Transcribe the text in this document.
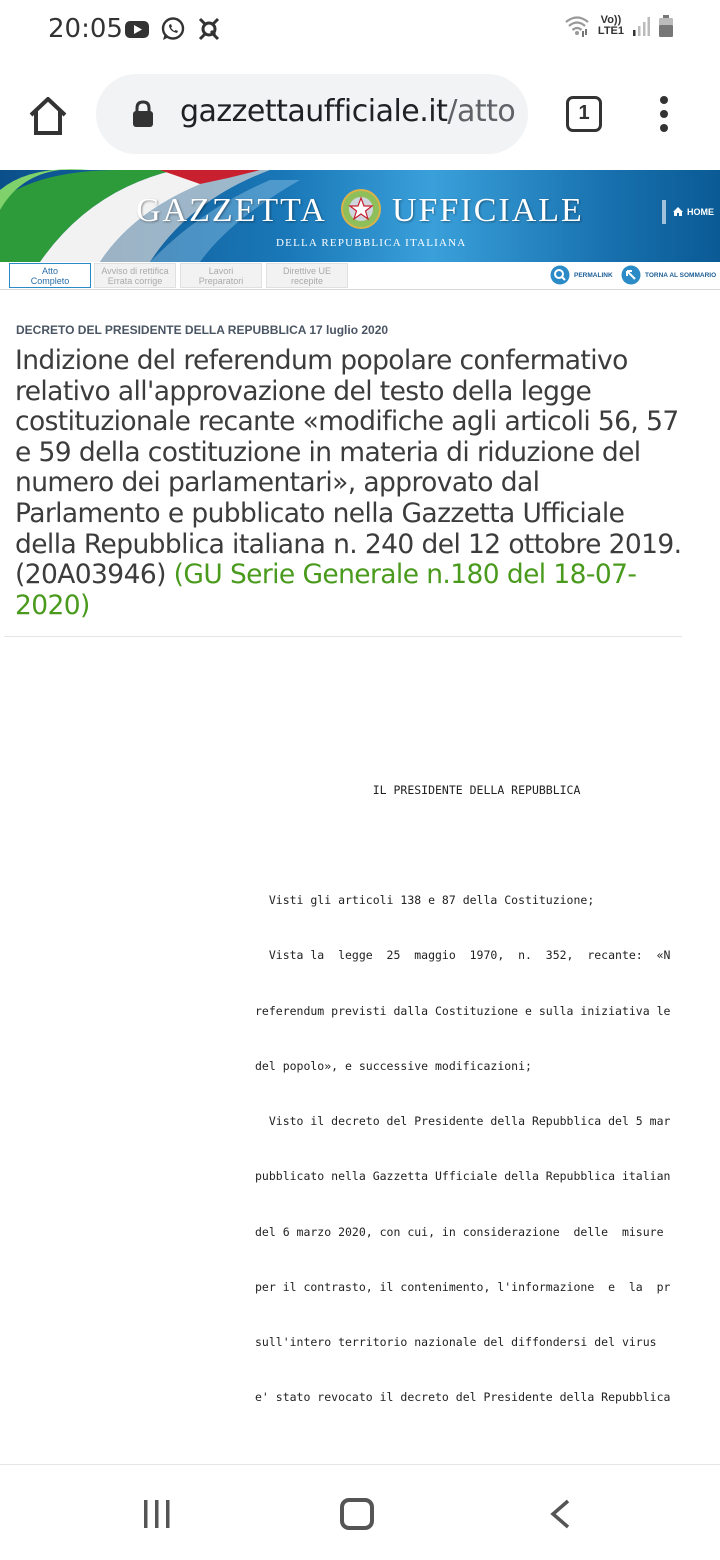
20:05	Vo))
LTE1
gazzettaufficiale.it/atto	1
GAZZETTA UFFICIALE
DELLA REPUBBLICA ITALIANA
HOME
Atto
Completo
Avviso di rettifica
Errata corrige
Lavori
Preparatori
Direttive UE
recepite
PERMALINK	TORNA AL SOMMARIO
DECRETO DEL PRESIDENTE DELLA REPUBBLICA 17 luglio 2020
Indizione del referendum popolare confermativo relativo all'approvazione del testo della legge costituzionale recante «modifiche agli articoli 56, 57 e 59 della costituzione in materia di riduzione del numero dei parlamentari», approvato dal Parlamento e pubblicato nella Gazzetta Ufficiale della Repubblica italiana n. 240 del 12 ottobre 2019. (20A03946) (GU Serie Generale n.180 del 18-07-2020)

IL PRESIDENTE DELLA REPUBBLICA

Visti gli articoli 138 e 87 della Costituzione;

Vista la  legge  25  maggio  1970,  n.  352,  recante:  «N

referendum previsti dalla Costituzione e sulla iniziativa le

del popolo», e successive modificazioni;

Visto il decreto del Presidente della Repubblica del 5 mar

pubblicato nella Gazzetta Ufficiale della Repubblica italian

del 6 marzo 2020, con cui, in considerazione  delle  misure

per il contrasto, il contenimento, l'informazione  e  la  pr

sull'intero territorio nazionale del diffondersi del virus

e' stato revocato il decreto del Presidente della Repubblica
